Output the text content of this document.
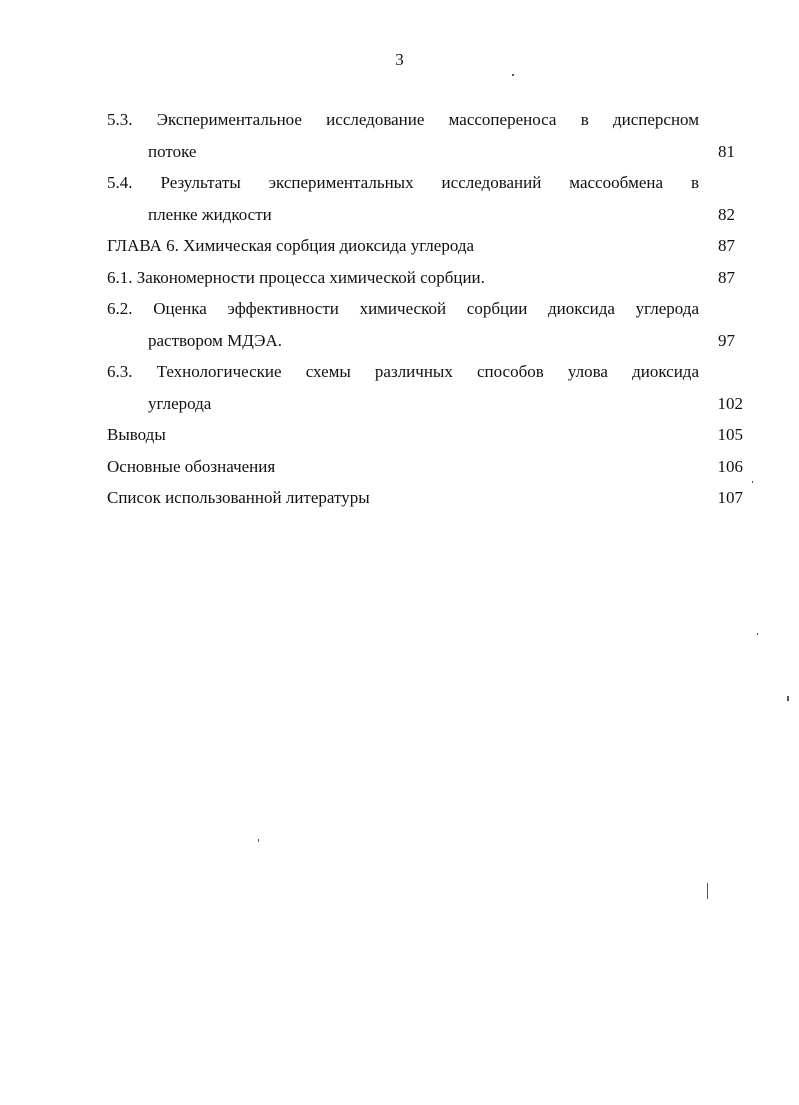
3
5.3. Экспериментальное исследование массопереноса в дисперсном
потоке	81
5.4. Результаты экспериментальных исследований массообмена в
пленке жидкости	82
ГЛАВА 6. Химическая сорбция диоксида углерода	87
6.1. Закономерности процесса химической сорбции.	87
6.2. Оценка эффективности химической сорбции диоксида углерода
раствором МДЭА.	97
6.3. Технологические схемы различных способов улова диоксида
углерода	102
Выводы	105
Основные обозначения	106
Список использованной литературы	107
